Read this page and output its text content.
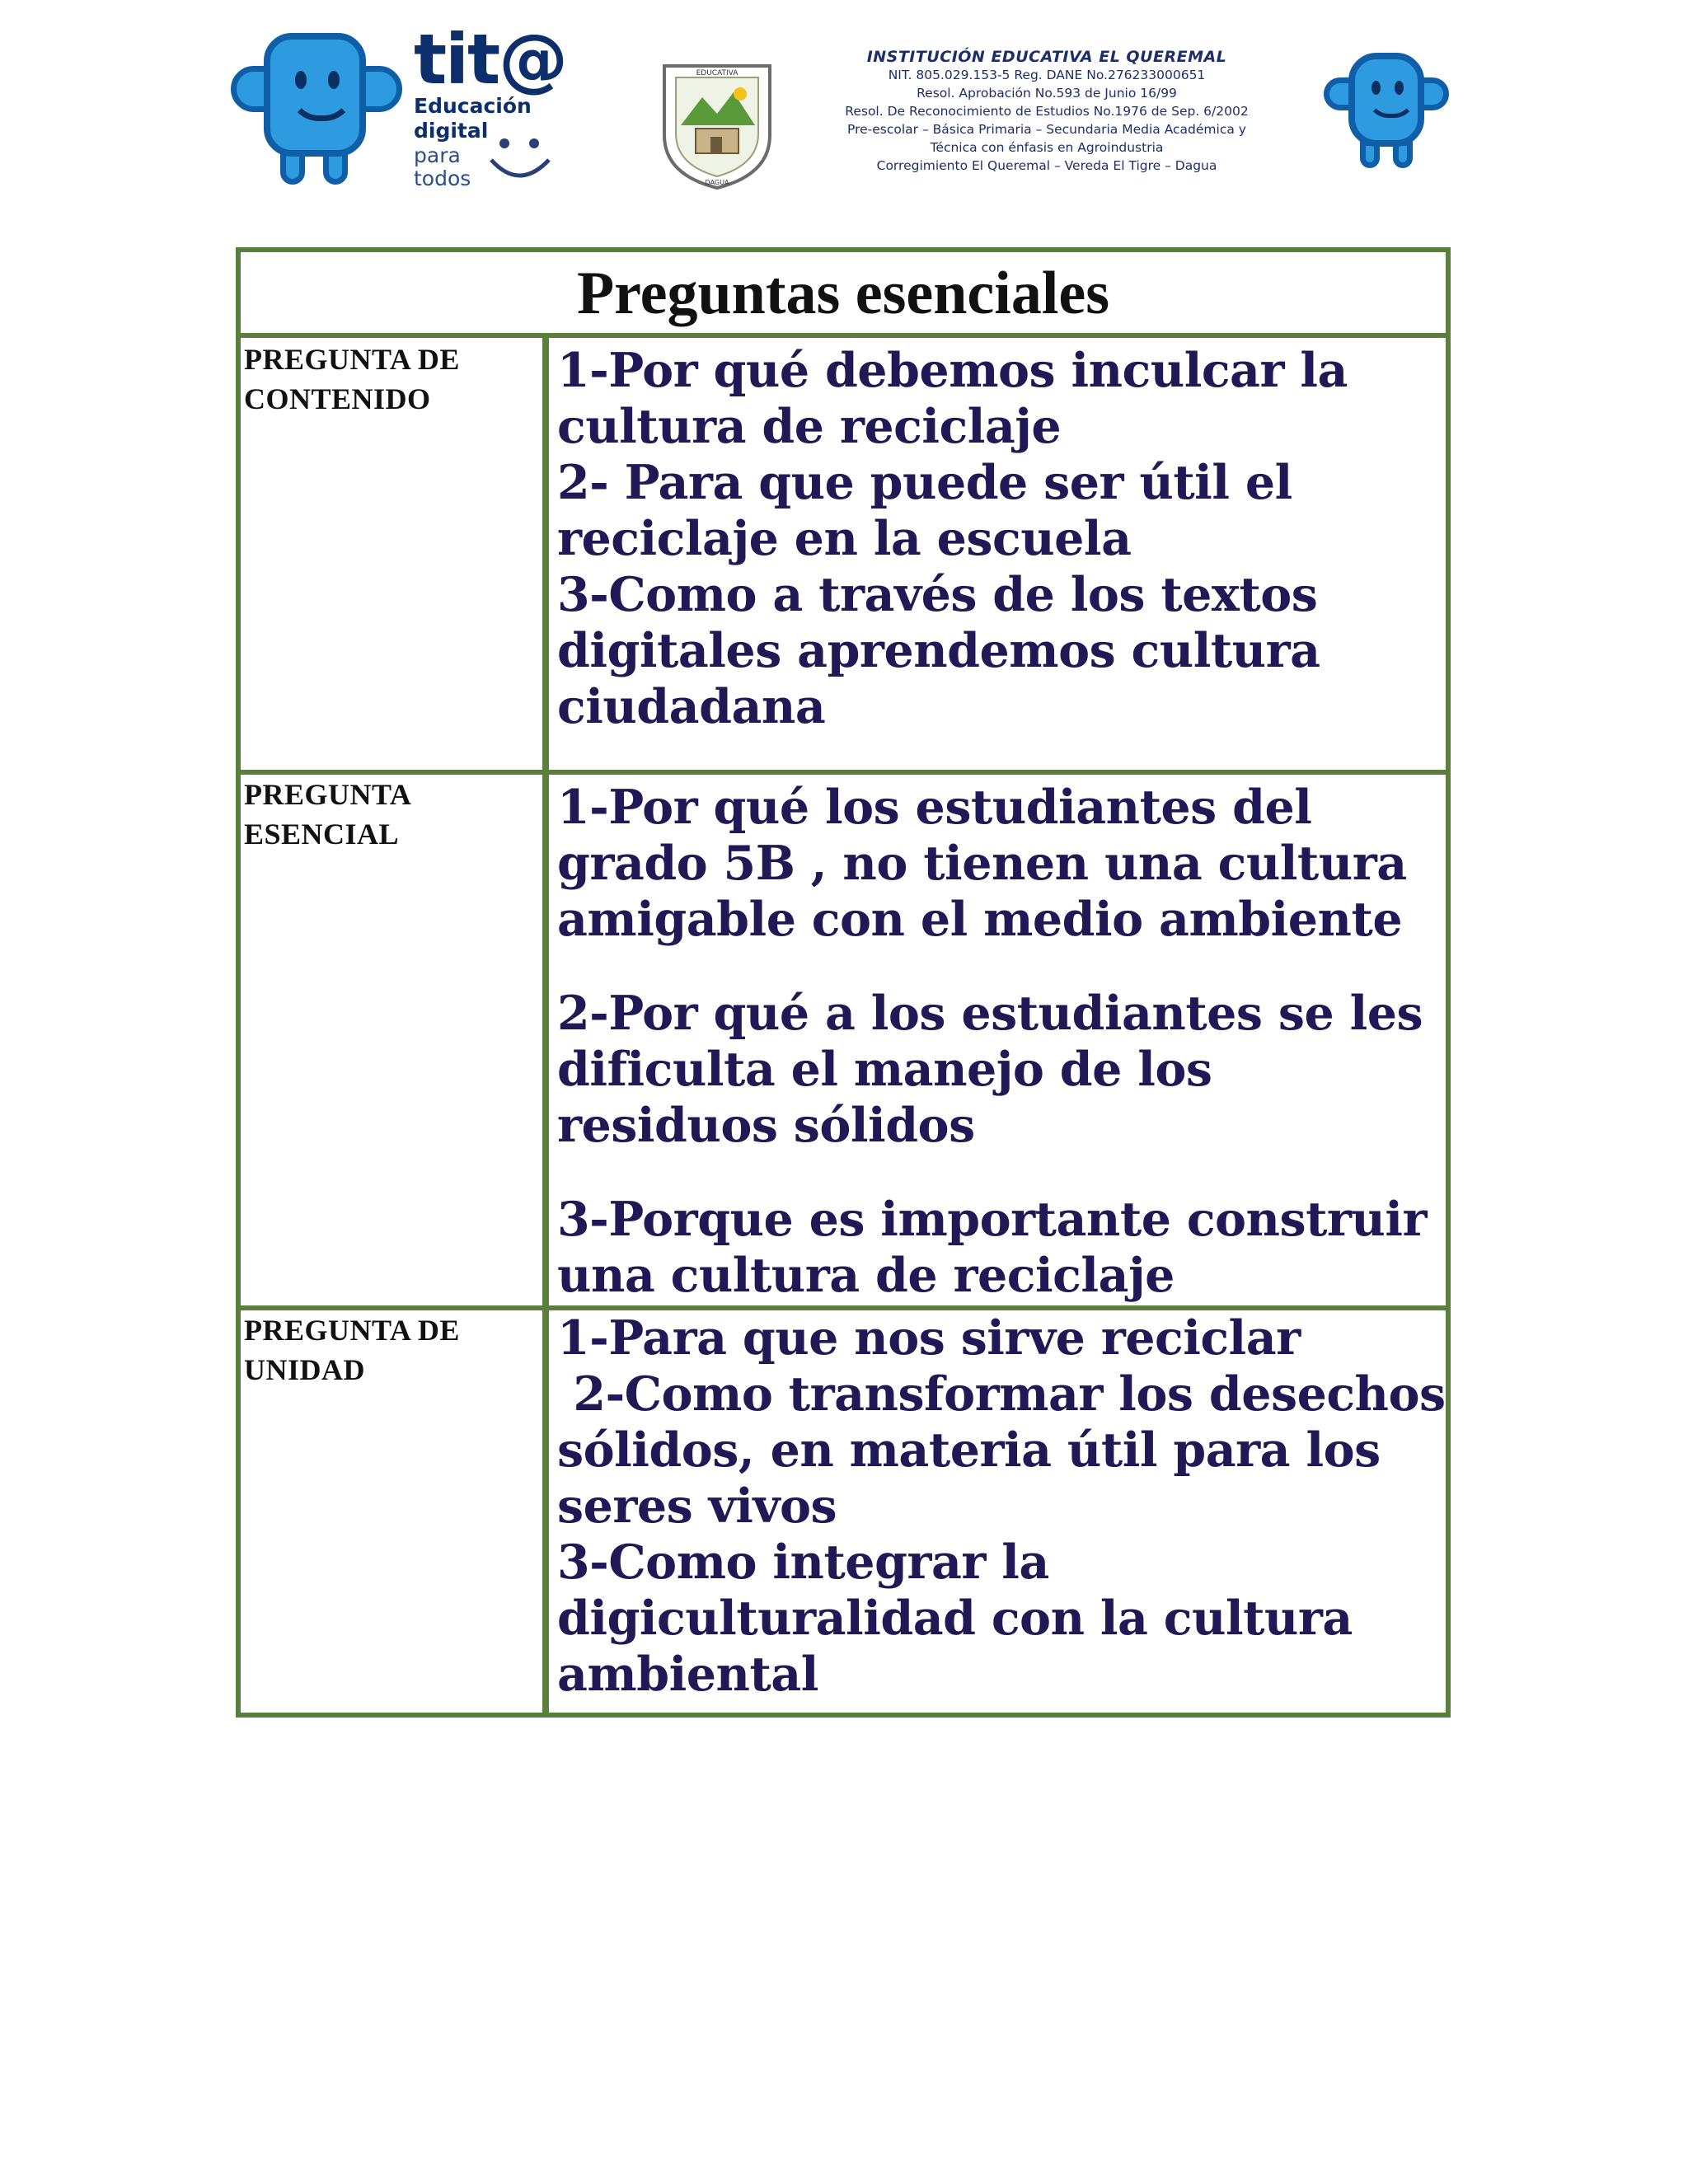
tit@
Educación
digital
para
todos
EDUCATIVA
DAGUA
INSTITUCIÓN EDUCATIVA EL QUEREMAL
NIT. 805.029.153-5 Reg. DANE No.276233000651
Resol. Aprobación No.593 de Junio 16/99
Resol. De Reconocimiento de Estudios No.1976 de Sep. 6/2002
Pre-escolar – Básica Primaria – Secundaria Media Académica y
Técnica con énfasis en Agroindustria
Corregimiento El Queremal – Vereda El Tigre – Dagua
Preguntas esenciales
PREGUNTA DE CONTENIDO

1-Por qué debemos inculcar la cultura de reciclaje

2- Para que puede ser útil el reciclaje en la escuela

3-Como a través de los textos digitales aprendemos cultura ciudadana

PREGUNTA ESENCIAL	1-Por qué los estudiantes del grado 5B , no tienen una cultura amigable con el medio ambiente

2-Por qué a los estudiantes se les dificulta el manejo de los residuos sólidos

3-Porque es importante construir una cultura de reciclaje

PREGUNTA DE UNIDAD

1-Para que nos sirve reciclar

2-Como transformar los desechos sólidos, en materia útil para los seres vivos

3-Como integrar la digiculturalidad con la cultura ambiental
